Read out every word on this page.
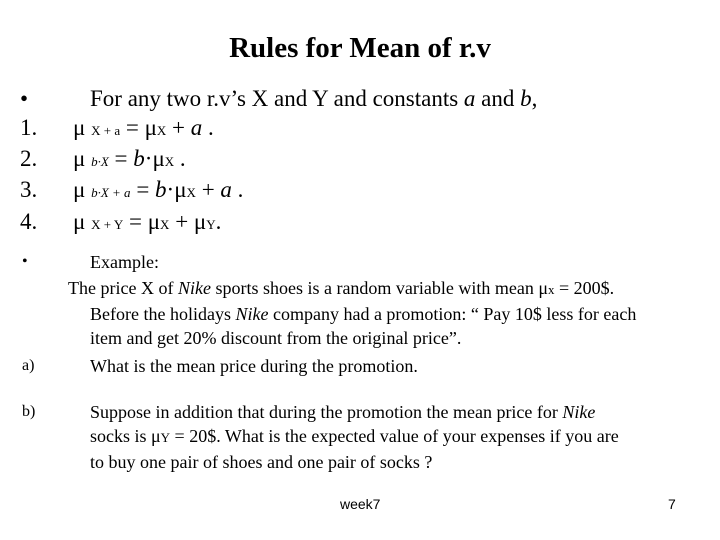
Rules for Mean of r.v
•	For any two r.v’s X and Y and constants a and b,
1. μ X + a = μX + a .
2. μ b·X = b·μX .
3. μ b·X + a = b·μX + a .
4. μ X + Y = μX + μY.
•	Example:
The price X of Nike sports shoes is a random variable with mean μx = 200$.
Before the holidays Nike company had a promotion: “ Pay 10$ less for each
item and get 20% discount from the original price”.
a)	What is the mean price during the promotion.
b)	Suppose in addition that during the promotion the mean price for Nike
socks is μY = 20$. What is the expected value of your expenses if you are
to buy one pair of shoes and one pair of socks ?
week7	7
